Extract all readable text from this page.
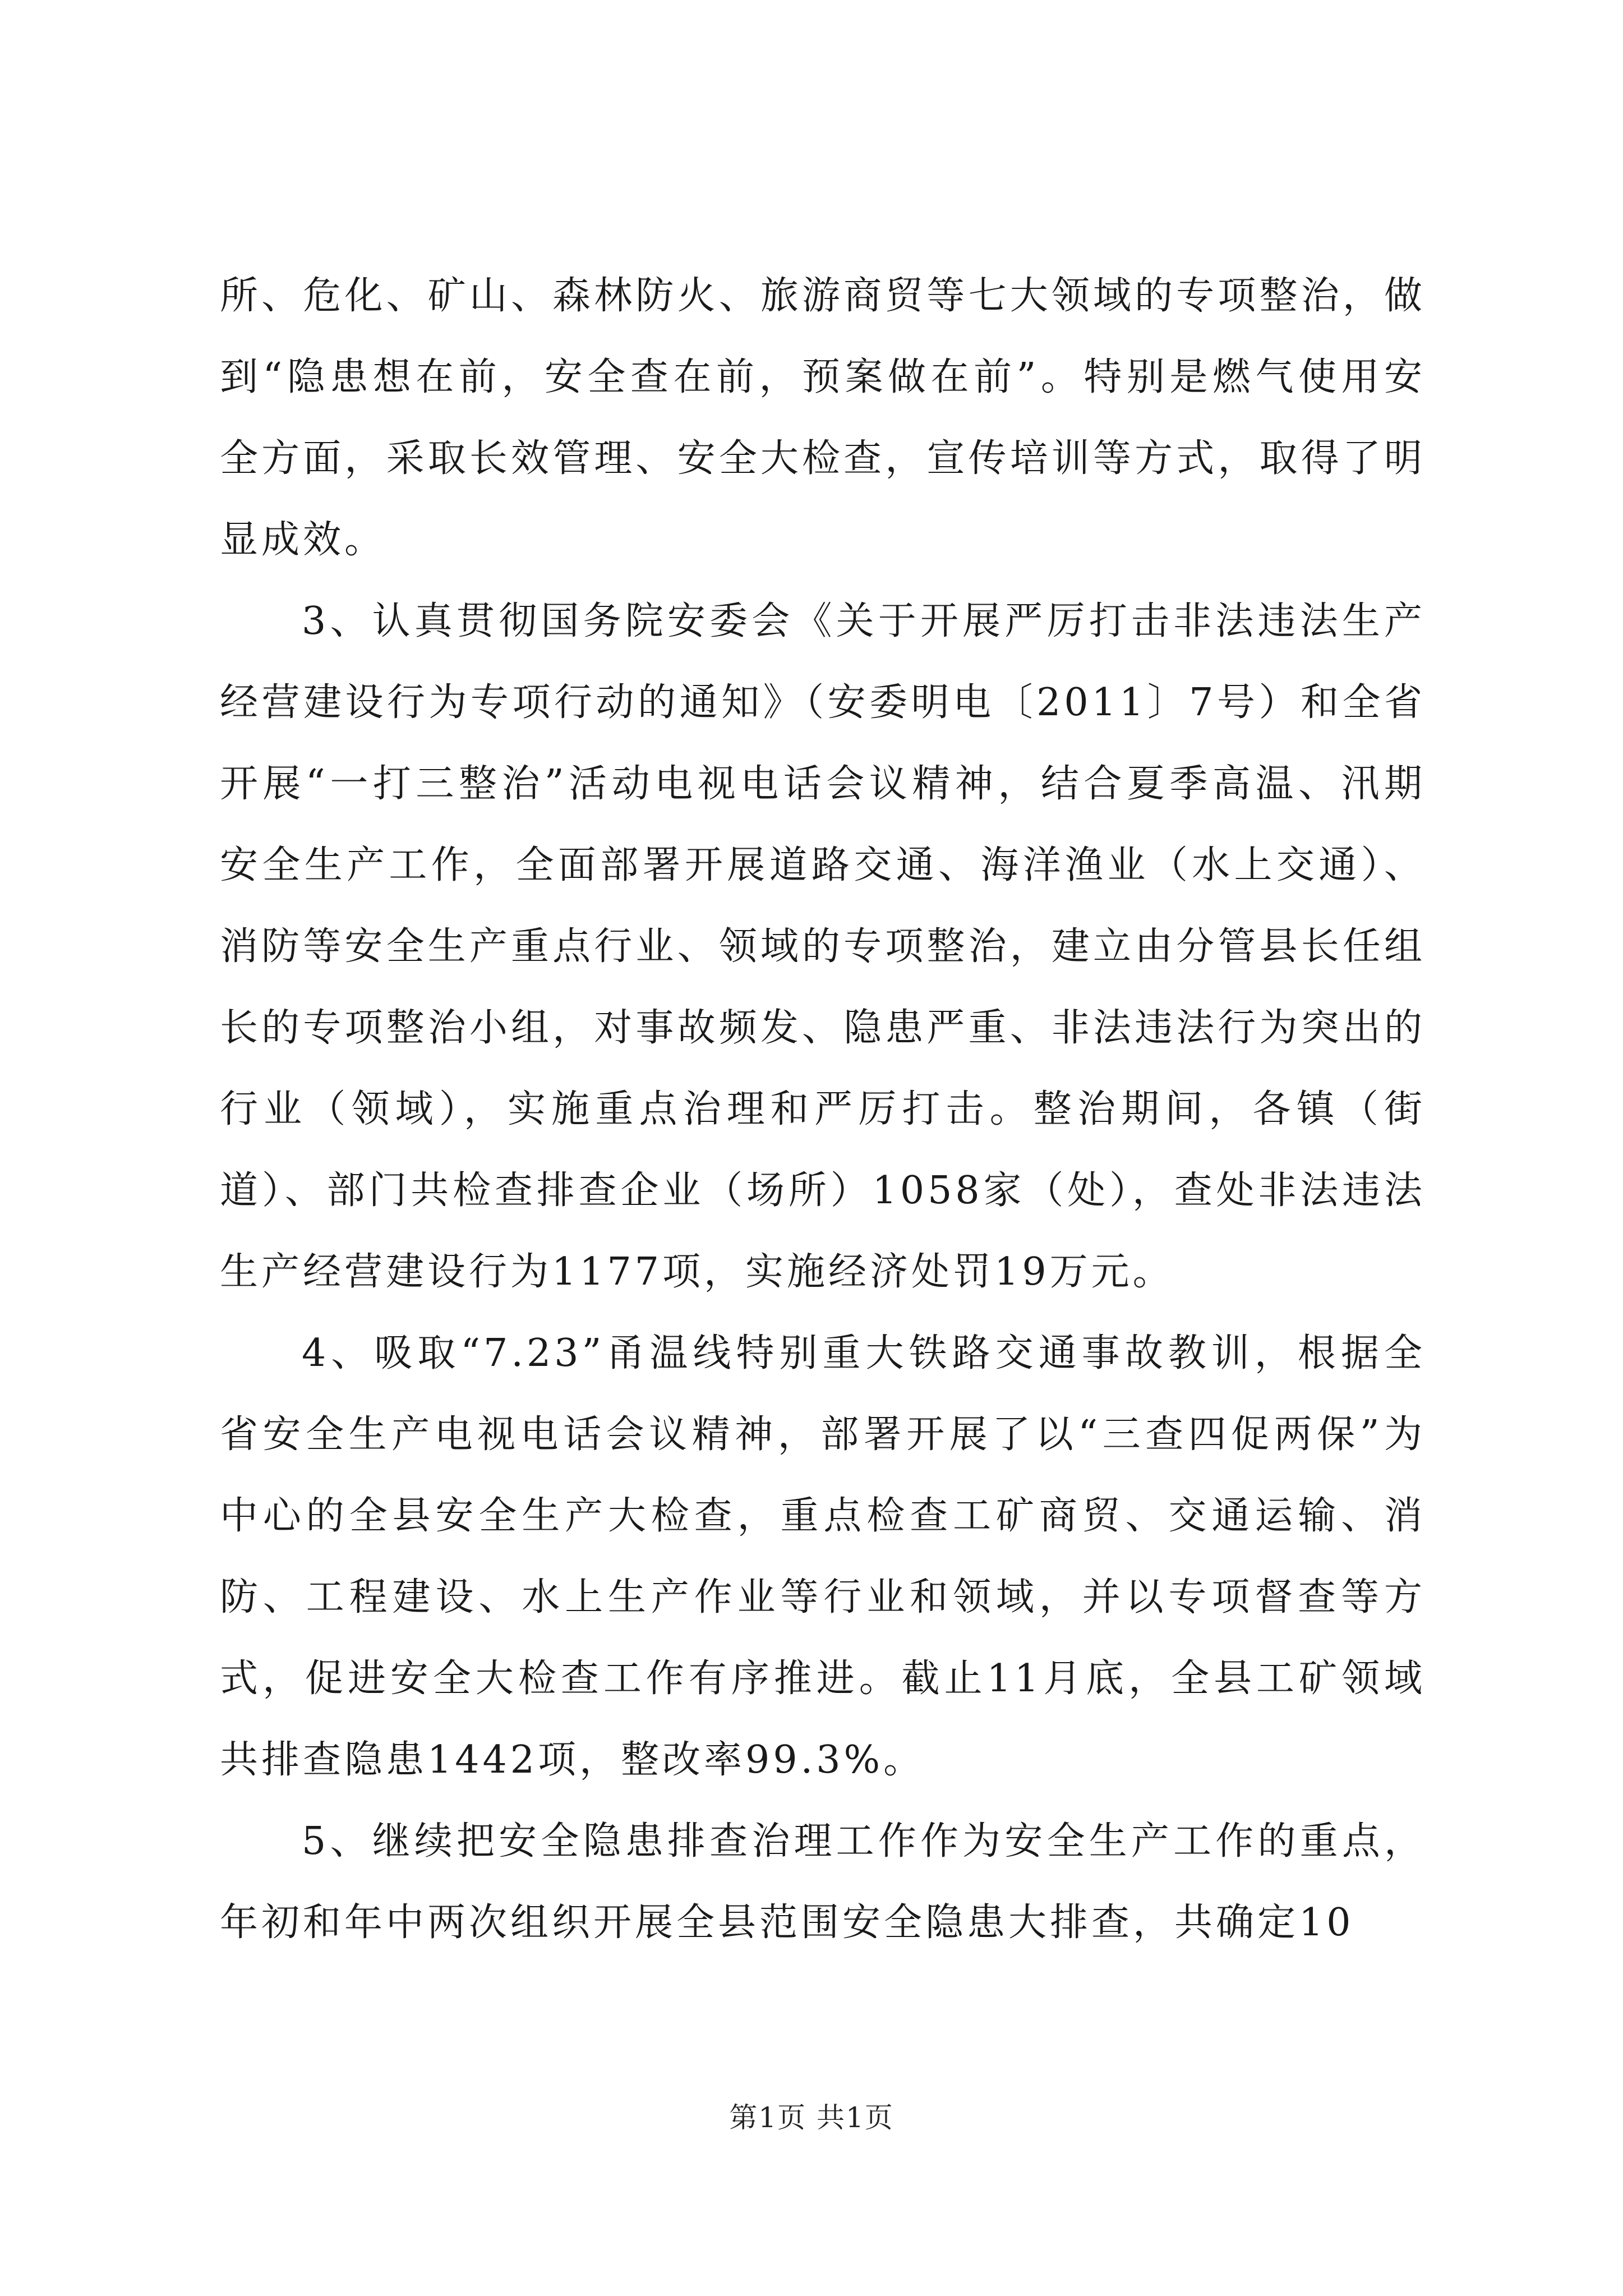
所、危化、矿山、森林防火、旅游商贸等七大领域的专项整治，做到“隐患想在前，安全查在前，预案做在前”。特别是燃气使用安全方面，采取长效管理、安全大检查，宣传培训等方式，取得了明显成效。

3、认真贯彻国务院安委会《关于开展严厉打击非法违法生产经营建设行为专项行动的通知》（安委明电〔2011〕7号）和全省开展“一打三整治”活动电视电话会议精神，结合夏季高温、汛期安全生产工作，全面部署开展道路交通、海洋渔业（水上交通）、消防等安全生产重点行业、领域的专项整治，建立由分管县长任组长的专项整治小组，对事故频发、隐患严重、非法违法行为突出的行业（领域），实施重点治理和严厉打击。整治期间，各镇（街道）、部门共检查排查企业（场所）1058家（处），查处非法违法生产经营建设行为1177项，实施经济处罚19万元。

4、吸取“7.23”甬温线特别重大铁路交通事故教训，根据全省安全生产电视电话会议精神，部署开展了以“三查四促两保”为中心的全县安全生产大检查，重点检查工矿商贸、交通运输、消防、工程建设、水上生产作业等行业和领域，并以专项督查等方式，促进安全大检查工作有序推进。截止11月底，全县工矿领域共排查隐患1442项，整改率99.3%。

5、继续把安全隐患排查治理工作作为安全生产工作的重点，年初和年中两次组织开展全县范围安全隐患大排查，共确定10

第1页 共1页
